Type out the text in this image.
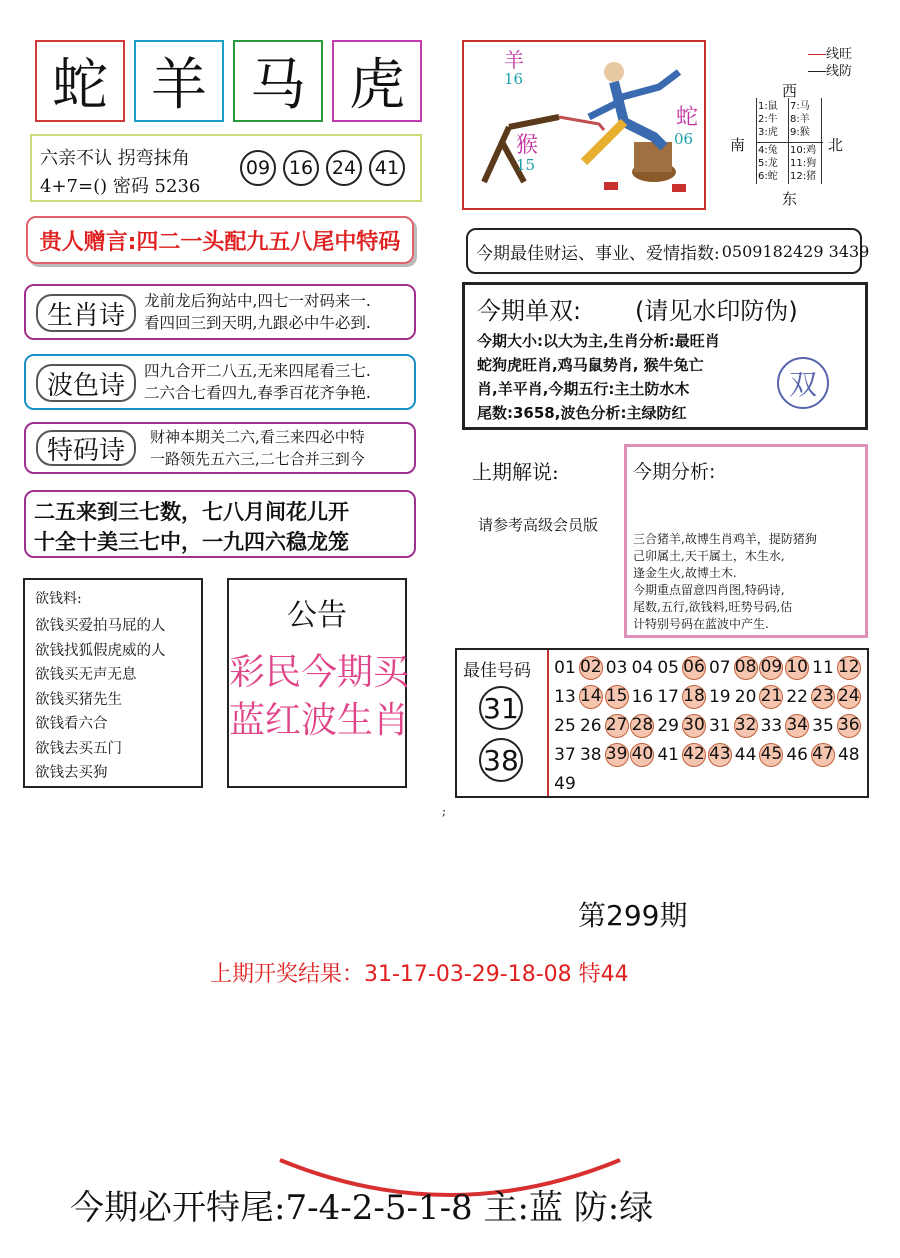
蛇 羊 马 虎
六亲不认 拐弯抹角
4+7=() 密码 5236
09 16 24 41
贵人赠言:四二一头配九五八尾中特码
生肖诗	龙前龙后狗站中,四七一对码来一.
看四回三到天明,九跟必中牛必到.
波色诗	四九合开二八五,无来四尾看三七.
二六合七看四九,春季百花齐争艳.
特码诗	财神本期关二六,看三来四必中特
一路领先五六三,二七合并三到今
二五来到三七数，七八月间花儿开
十全十美三七中，一九四六稳龙笼
欲钱料:
欲钱买爱拍马屁的人
欲钱找狐假虎威的人
欲钱买无声无息
欲钱买猪先生
欲钱看六合
欲钱去买五门
欲钱去买狗
公告
彩民今期买
蓝红波生肖
羊
16
猴
15
蛇
06
线旺
线防
西
南	北
东
1:鼠
2:牛
3:虎
7:马
8:羊
9:猴
4:兔
5:龙
6:蛇
10:鸡
11:狗
12:猪
今期最佳财运、事业、爱情指数: 0509182429 3439
今期单双: (请见水印防伪)
今期大小:以大为主,生肖分析:最旺肖
蛇狗虎旺肖,鸡马鼠势肖, 猴牛兔亡
肖,羊平肖,今期五行:主土防水木
尾数:3658,波色分析:主绿防红
双
上期解说:
请参考高级会员版
今期分析:
三合猪羊,故博生肖鸡羊，提防猪狗
己卯属土,天干属土，木生水,
逢金生火,故博土木.
今期重点留意四肖图,特码诗,
尾数,五行,欲钱料,旺势号码,估
计特别号码在蓝波中产生.
最佳号码
31
38
01 02 03 04 05 06 07 08 09 10 11 12
13 14 15 16 17 18 19 20 21 22 23 24
25 26 27 28 29 30 31 32 33 34 35 36
37 38 39 40 41 42 43 44 45 46 47 48
49
;
第299期
上期开奖结果：31-17-03-29-18-08 特44
今期必开特尾:7-4-2-5-1-8 主:蓝 防:绿
